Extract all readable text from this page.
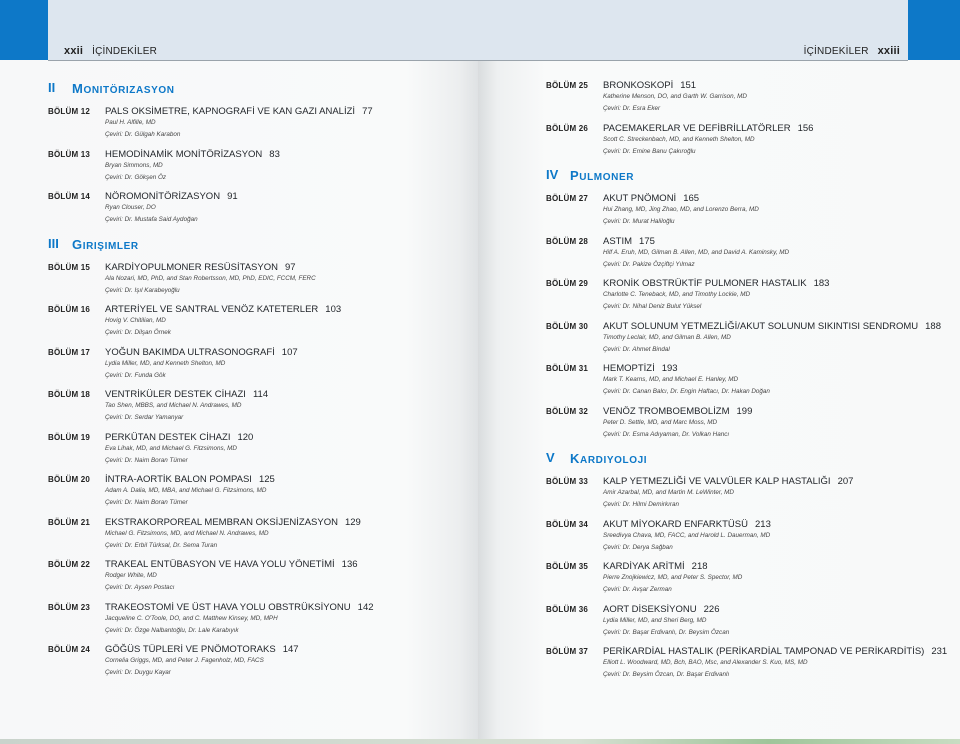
xxii İÇİNDEKİLER
II MONITÖRIZASYON
BÖLÜM 12 PALS OKSİMETRE, KAPNOGRAFİ VE KAN GAZI ANALİZİ 77
Paul H. Alfille, MD
Çeviri: Dr. Gülgah Karabon
BÖLÜM 13 HEMODİNAMİK MONİTÖRİZASYON 83
Bryan Simmons, MD
Çeviri: Dr. Gökşen Öz
BÖLÜM 14 NÖROMONİTÖRİZASYON 91
Ryan Clouser, DO
Çeviri: Dr. Mustafa Said Aydoğan
III GIRIŞIMLER
BÖLÜM 15 KARDİYOPULMONER RESÜSİTASYON 97
Ala Nozari, MD, PhD, and Stan Robertsson, MD, PhD, EDIC, FCCM, FERC
Çeviri: Dr. Işıl Karabeyoğlu
BÖLÜM 16 ARTERİYEL VE SANTRAL VENÖZ KATETERLER 103
Hovig V. Chitilian, MD
Çeviri: Dr. Dilşan Örnek
BÖLÜM 17 YOĞUN BAKIMDA ULTRASONOGRAFİ 107
Lydia Miller, MD, and Kenneth Shelton, MD
Çeviri: Dr. Funda Gök
BÖLÜM 18 VENTRİKÜLER DESTEK CİHAZI 114
Tao Shen, MBBS, and Michael N. Andrawes, MD
Çeviri: Dr. Serdar Yamanyar
BÖLÜM 19 PERKÜTAN DESTEK CİHAZI 120
Eva Lihak, MD, and Michael G. Fitzsimons, MD
Çeviri: Dr. Naim Boran Tümer
BÖLÜM 20 İNTRA-AORTİK BALON POMPASI 125
Adam A. Dalia, MD, MBA, and Michael G. Fitzsimons, MD
Çeviri: Dr. Naim Boran Tümer
BÖLÜM 21 EKSTRAKORPOREAL MEMBRAN OKSİJENİZASYON 129
Michael G. Fitzsimons, MD, and Michael N. Andrawes, MD
Çeviri: Dr. Erbil Türksal, Dr. Sema Turan
BÖLÜM 22 TRAKEAL ENTÜBASYON VE HAVA YOLU YÖNETİMİ 136
Rodger White, MD
Çeviri: Dr. Aysen Postacı
BÖLÜM 23 TRAKEOSTOMİ VE ÜST HAVA YOLU OBSTRÜKSİYONU 142
Jacqueline C. O'Toole, DO, and C. Matthew Kinsey, MD, MPH
Çeviri: Dr. Özge Nalbantoğlu, Dr. Lale Karabıyık
BÖLÜM 24 GÖĞÜS TÜPLERİ VE PNÖMOTORAKS 147
Cornelia Griggs, MD, and Peter J. Fagenholz, MD, FACS
Çeviri: Dr. Duygu Kayar
İÇİNDEKİLER xxiii
BÖLÜM 25 BRONKOSKOPİ 151
Katherine Menson, DO, and Garth W. Garrison, MD
Çeviri: Dr. Esra Eker
BÖLÜM 26 PACEMAKERLAR VE DEFİBRİLLATÖRLER 156
Scott C. Streckenbach, MD, and Kenneth Shelton, MD
Çeviri: Dr. Emine Banu Çakıroğlu
IV PULMONER
BÖLÜM 27 AKUT PNÖMONİ 165
Hui Zhang, MD, Jing Zhao, MD, and Lorenzo Berra, MD
Çeviri: Dr. Murat Haliloğlu
BÖLÜM 28 ASTIM 175
Hilf A. Eruh, MD, Gilman B. Allen, MD, and David A. Kaminsky, MD
Çeviri: Dr. Pakize Özçiftçi Yılmaz
BÖLÜM 29 KRONİK OBSTRÜKTİF PULMONER HASTALIK 183
Charlotte C. Teneback, MD, and Timothy Lockie, MD
Çeviri: Dr. Nihal Deniz Bulut Yüksel
BÖLÜM 30 AKUT SOLUNUM YETMEZLİĞİ/AKUT SOLUNUM SIKINTISI SENDROMU 188
Timothy Leclair, MD, and Gilman B. Allen, MD
Çeviri: Dr. Ahmet Bindal
BÖLÜM 31 HEMOPTİZİ 193
Mark T. Kearns, MD, and Michael E. Hanley, MD
Çeviri: Dr. Canan Balcı, Dr. Engin Haftacı, Dr. Hakan Doğan
BÖLÜM 32 VENÖZ TROMBOEMBOLİZM 199
Peter D. Settle, MD, and Marc Moss, MD
Çeviri: Dr. Esma Adıyaman, Dr. Volkan Hancı
V KARDIYOLOJI
BÖLÜM 33 KALP YETMEZLİĞİ VE VALVÜLER KALP HASTALIĞI 207
Amir Azarbal, MD, and Martin M. LeWinter, MD
Çeviri: Dr. Hilmi Demirkıran
BÖLÜM 34 AKUT MİYOKARD ENFARKTÜSÜ 213
Sreedivya Chava, MD, FACC, and Harold L. Dauerman, MD
Çeviri: Dr. Derya Sağban
BÖLÜM 35 KARDİYAK ARİTMİ 218
Pierre Znojkiewicz, MD, and Peter S. Spector, MD
Çeviri: Dr. Avşar Zerman
BÖLÜM 36 AORT DİSEKSİYONU 226
Lydia Miller, MD, and Sheri Berg, MD
Çeviri: Dr. Başar Erdivanlı, Dr. Beysim Özcan
BÖLÜM 37 PERİKARDİAL HASTALIK (PERİKARDİAL TAMPONAD VE PERİKARDİTİS) 231
Elliott L. Woodward, MD, Bch, BAO, Msc, and Alexander S. Kuo, MS, MD
Çeviri: Dr. Beysim Özcan, Dr. Başar Erdivanlı
